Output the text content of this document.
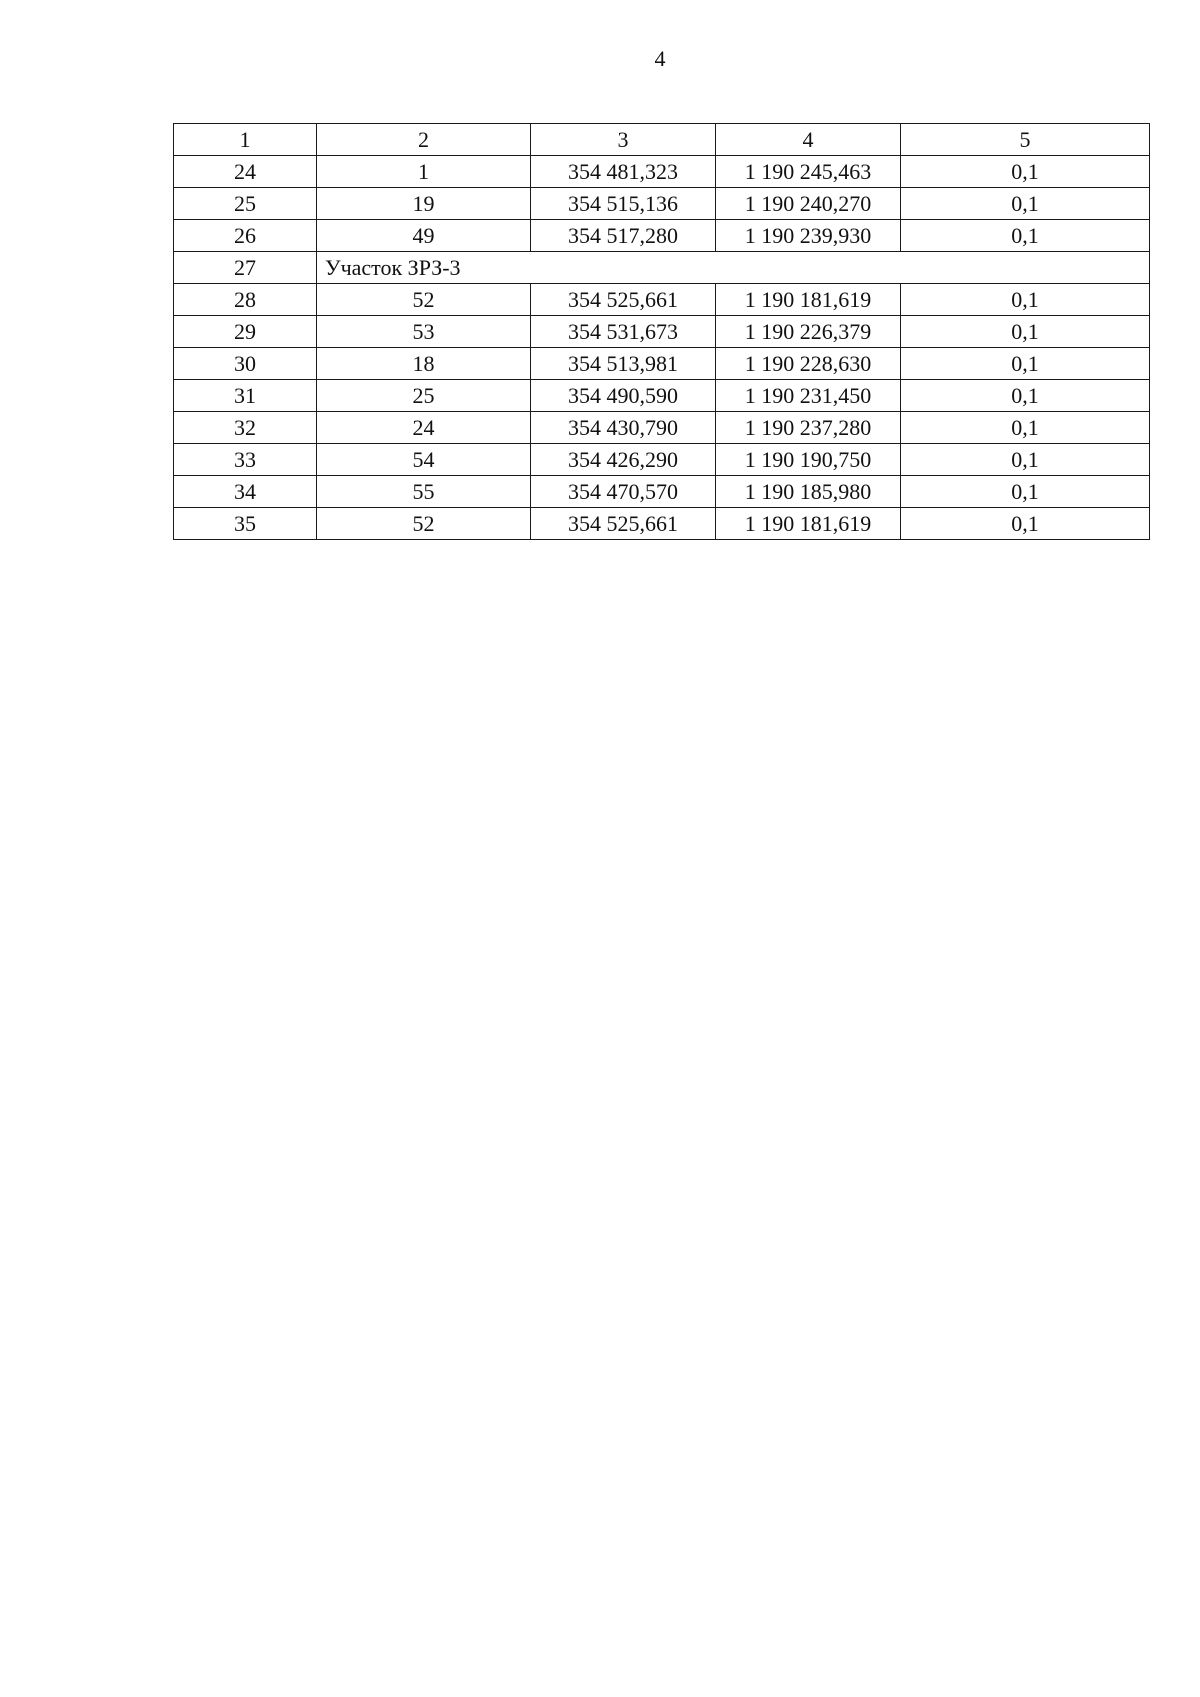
4
1	2	3	4	5
24	1	354 481,323	1 190 245,463	0,1
25	19	354 515,136	1 190 240,270	0,1
26	49	354 517,280	1 190 239,930	0,1
27	Участок ЗРЗ-3			
28	52	354 525,661	1 190 181,619	0,1
29	53	354 531,673	1 190 226,379	0,1
30	18	354 513,981	1 190 228,630	0,1
31	25	354 490,590	1 190 231,450	0,1
32	24	354 430,790	1 190 237,280	0,1
33	54	354 426,290	1 190 190,750	0,1
34	55	354 470,570	1 190 185,980	0,1
35	52	354 525,661	1 190 181,619	0,1
